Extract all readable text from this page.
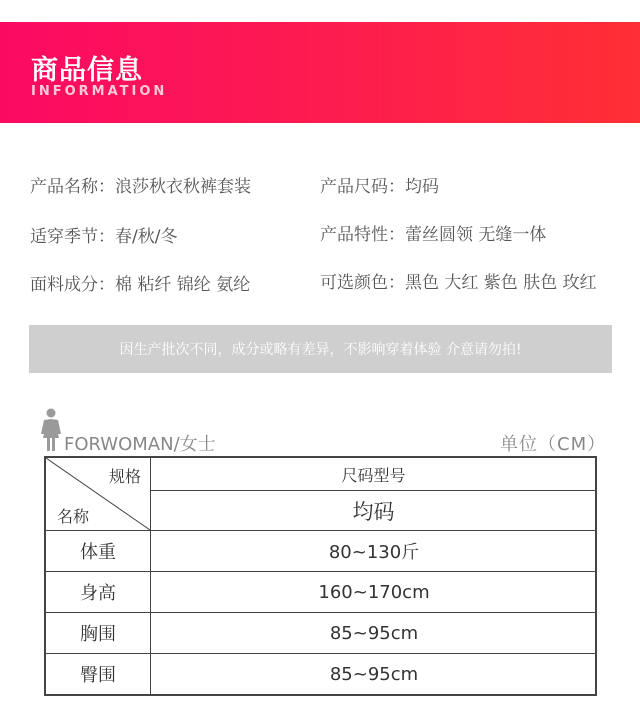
商品信息
INFORMATION
产品名称：浪莎秋衣秋裤套装
适穿季节：春/秋/冬
面料成分：棉 粘纤 锦纶 氨纶
产品尺码：均码
产品特性：蕾丝圆领 无缝一体
可选颜色：黑色 大红 紫色 肤色 玫红
因生产批次不同，成分或略有差异，不影响穿着体验 介意请勿拍!
FORWOMAN/女士	单位（CM）
规格
名称
尺码型号
均码
体重	80~130斤
身高	160~170cm
胸围	85~95cm
臀围	85~95cm
